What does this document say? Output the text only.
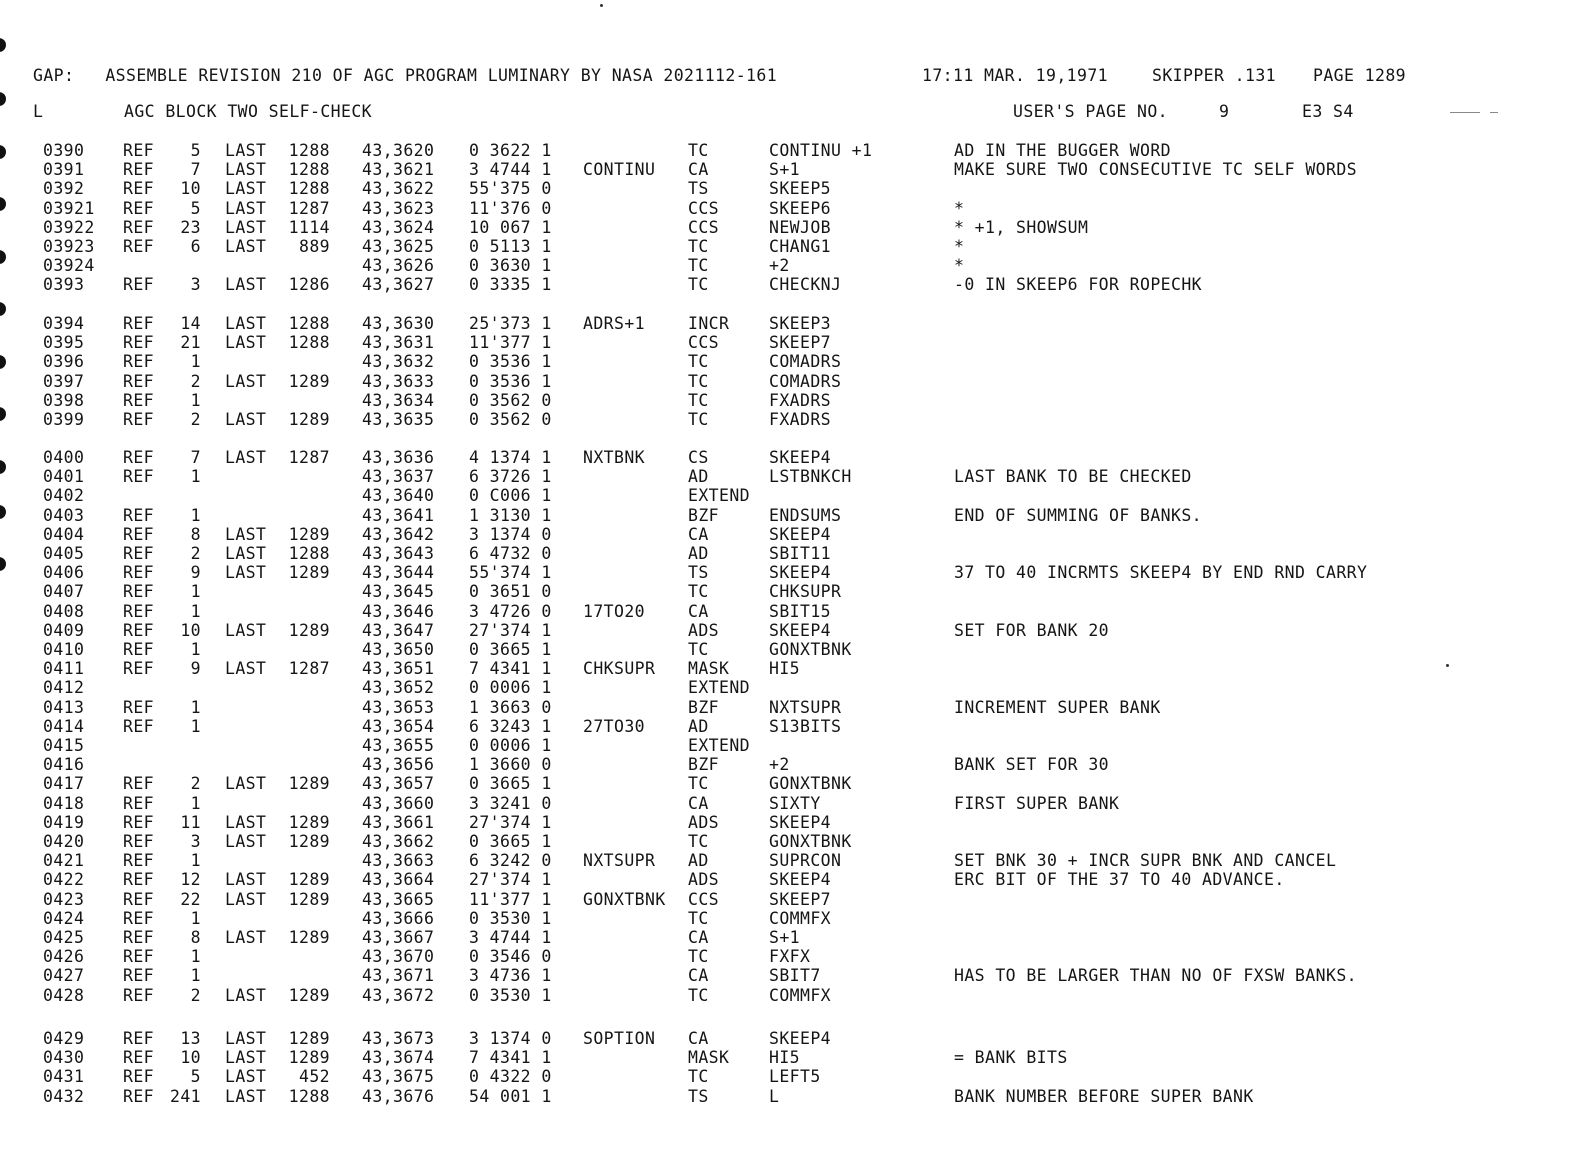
GAP:   ASSEMBLE REVISION 210 OF AGC PROGRAM LUMINARY BY NASA 2021112-161	17:11 MAR. 19,1971	SKIPPER .131 PAGE 1289
L	AGC BLOCK TWO SELF-CHECK	USER'S PAGE NO.	9	E3 S4
0390 REF 5 LAST 1288 43,3620 0 3622 1	TC	CONTINU +1	AD IN THE BUGGER WORD
0391 REF 7 LAST 1288 43,3621 3 4744 1 CONTINU CA	S+1	MAKE SURE TWO CONSECUTIVE TC SELF WORDS
0392 REF 10 LAST 1288 43,3622 55'375 0	TS	SKEEP5
03921 REF 5 LAST 1287 43,3623 11'376 0	CCS	SKEEP6	*
03922 REF 23 LAST 1114 43,3624 10 067 1	CCS	NEWJOB	* +1, SHOWSUM
03923 REF 6 LAST 889 43,3625 0 5113 1	TC	CHANG1	*
03924	43,3626 0 3630 1	TC	+2	*
0393 REF 3 LAST 1286 43,3627 0 3335 1	TC	CHECKNJ	-0 IN SKEEP6 FOR ROPECHK
0394 REF 14 LAST 1288 43,3630 25'373 1 ADRS+1	INCR SKEEP3
0395 REF 21 LAST 1288 43,3631 11'377 1	CCS	SKEEP7
0396 REF 1	43,3632 0 3536 1	TC	COMADRS
0397 REF 2 LAST 1289 43,3633 0 3536 1	TC	COMADRS
0398 REF 1	43,3634 0 3562 0	TC	FXADRS
0399 REF 2 LAST 1289 43,3635 0 3562 0	TC	FXADRS
0400 REF 7 LAST 1287 43,3636 4 1374 1 NXTBNK	CS	SKEEP4
0401 REF 1	43,3637 6 3726 1	AD	LSTBNKCH	LAST BANK TO BE CHECKED
0402	43,3640 0 C006 1	EXTEND
0403 REF 1	43,3641 1 3130 1	BZF	ENDSUMS	END OF SUMMING OF BANKS.
0404 REF 8 LAST 1289 43,3642 3 1374 0	CA	SKEEP4
0405 REF 2 LAST 1288 43,3643 6 4732 0	AD	SBIT11
0406 REF 9 LAST 1289 43,3644 55'374 1	TS	SKEEP4	37 TO 40 INCRMTS SKEEP4 BY END RND CARRY
0407 REF 1	43,3645 0 3651 0	TC	CHKSUPR
0408 REF 1	43,3646 3 4726 0 17TO20	CA	SBIT15
0409 REF 10 LAST 1289 43,3647 27'374 1	ADS	SKEEP4	SET FOR BANK 20
0410 REF 1	43,3650 0 3665 1	TC	GONXTBNK
0411 REF 9 LAST 1287 43,3651 7 4341 1 CHKSUPR MASK HI5
0412	43,3652 0 0006 1	EXTEND
0413 REF 1	43,3653 1 3663 0	BZF	NXTSUPR	INCREMENT SUPER BANK
0414 REF 1	43,3654 6 3243 1 27TO30	AD	S13BITS
0415	43,3655 0 0006 1	EXTEND
0416	43,3656 1 3660 0	BZF	+2	BANK SET FOR 30
0417 REF 2 LAST 1289 43,3657 0 3665 1	TC	GONXTBNK
0418 REF 1	43,3660 3 3241 0	CA	SIXTY	FIRST SUPER BANK
0419 REF 11 LAST 1289 43,3661 27'374 1	ADS	SKEEP4
0420 REF 3 LAST 1289 43,3662 0 3665 1	TC	GONXTBNK
0421 REF 1	43,3663 6 3242 0 NXTSUPR AD	SUPRCON	SET BNK 30 + INCR SUPR BNK AND CANCEL
0422 REF 12 LAST 1289 43,3664 27'374 1	ADS	SKEEP4	ERC BIT OF THE 37 TO 40 ADVANCE.
0423 REF 22 LAST 1289 43,3665 11'377 1 GONXTBNK CCS	SKEEP7
0424 REF 1	43,3666 0 3530 1	TC	COMMFX
0425 REF 8 LAST 1289 43,3667 3 4744 1	CA	S+1
0426 REF 1	43,3670 0 3546 0	TC	FXFX
0427 REF 1	43,3671 3 4736 1	CA	SBIT7	HAS TO BE LARGER THAN NO OF FXSW BANKS.
0428 REF 2 LAST 1289 43,3672 0 3530 1	TC	COMMFX
0429 REF 13 LAST 1289 43,3673 3 1374 0 SOPTION CA	SKEEP4
0430 REF 10 LAST 1289 43,3674 7 4341 1	MASK HI5	= BANK BITS
0431 REF 5 LAST 452 43,3675 0 4322 0	TC	LEFT5
0432 REF 241 LAST 1288 43,3676 54 001 1	TS	L	BANK NUMBER BEFORE SUPER BANK
